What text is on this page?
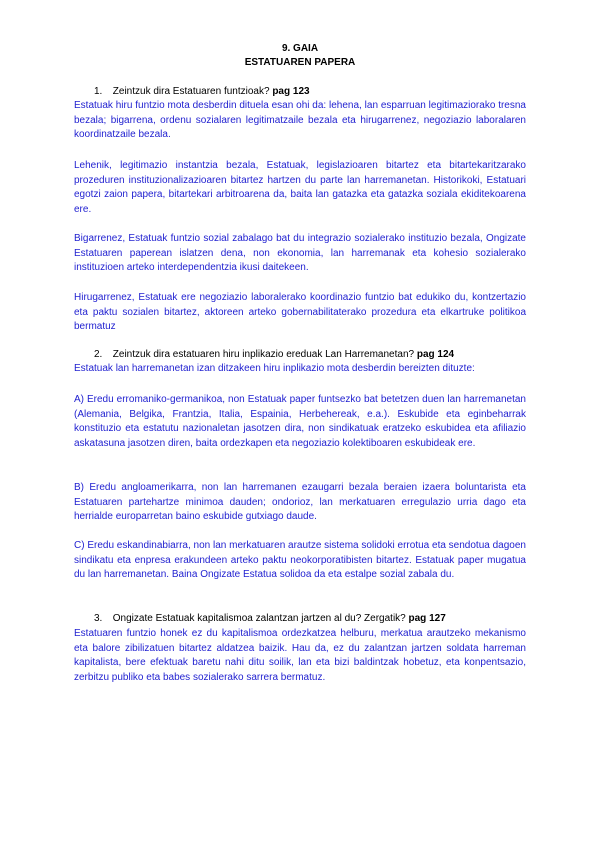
9. GAIA
ESTATUAREN PAPERA
1. Zeintzuk dira Estatuaren funtzioak? pag 123

Estatuak hiru funtzio mota desberdin dituela esan ohi da: lehena, lan esparruan legitimaziorako tresna bezala; bigarrena, ordenu sozialaren legitimatzaile bezala eta hirugarrenez, negoziazio laboralaren koordinatzaile bezala.

Lehenik, legitimazio instantzia bezala, Estatuak, legislazioaren bitartez eta bitartekaritzarako prozeduren instituzionalizazioaren bitartez hartzen du parte lan harremanetan. Historikoki, Estatuari egotzi zaion papera, bitartekari arbitroarena da, baita lan gatazka eta gatazka soziala ekiditekoarena ere.

Bigarrenez, Estatuak funtzio sozial zabalago bat du integrazio sozialerako instituzio bezala, Ongizate Estatuaren paperean islatzen dena, non ekonomia, lan harremanak eta kohesio sozialerako instituzioen arteko interdependentzia ikusi daitekeen.

Hirugarrenez, Estatuak ere negoziazio laboralerako koordinazio funtzio bat edukiko du, kontzertazio eta paktu sozialen bitartez, aktoreen arteko gobernabilitaterako prozedura eta elkartruke politikoa bermatuz

2. Zeintzuk dira estatuaren hiru inplikazio ereduak Lan Harremanetan? pag 124

Estatuak lan harremanetan izan ditzakeen hiru inplikazio mota desberdin bereizten dituzte:

A) Eredu erromaniko-germanikoa, non Estatuak paper funtsezko bat betetzen duen lan harremanetan (Alemania, Belgika, Frantzia, Italia, Espainia, Herbehereak, e.a.). Eskubide eta eginbeharrak konstituzio eta estatutu nazionaletan jasotzen dira, non sindikatuak eratzeko eskubidea eta afiliazio askatasuna jasotzen diren, baita ordezkapen eta negoziazio kolektiboaren eskubideak ere.

B) Eredu angloamerikarra, non lan harremanen ezaugarri bezala beraien izaera boluntarista eta Estatuaren partehartze minimoa dauden; ondorioz, lan merkatuaren erregulazio urria dago eta herrialde europarretan baino eskubide gutxiago daude.

C) Eredu eskandinabiarra, non lan merkatuaren arautze sistema solidoki errotua eta sendotua dagoen sindikatu eta enpresa erakundeen arteko paktu neokorporatibisten bitartez. Estatuak paper mugatua du lan harremanetan. Baina Ongizate Estatua solidoa da eta estalpe sozial zabala du.

3. Ongizate Estatuak kapitalismoa zalantzan jartzen al du? Zergatik? pag 127

Estatuaren funtzio honek ez du kapitalismoa ordezkatzea helburu, merkatua arautzeko mekanismo eta balore zibilizatuen bitartez aldatzea baizik. Hau da, ez du zalantzan jartzen soldata harreman kapitalista, bere efektuak baretu nahi ditu soilik, lan eta bizi baldintzak hobetuz, eta konpentsazio, zerbitzu publiko eta babes sozialerako sarrera bermatuz.
